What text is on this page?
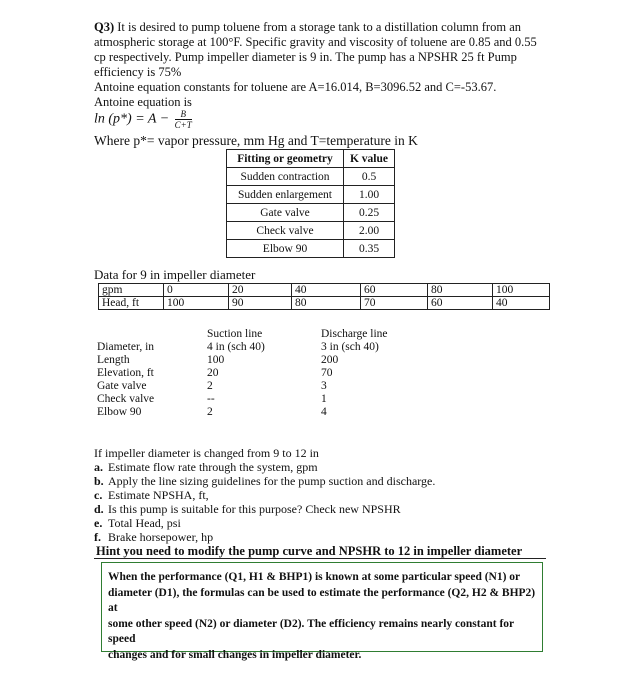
Q3) It is desired to pump toluene from a storage tank to a distillation column from an
atmospheric storage at 100°F. Specific gravity and viscosity of toluene are 0.85 and 0.55
cp respectively. Pump impeller diameter is 9 in. The pump has a NPSHR 25 ft Pump
efficiency is 75%
Antoine equation constants for toluene are A=16.014, B=3096.52 and C=-53.67.
Antoine equation is
$\ln (p*) = A - \frac{B}{C+T}$
Where p*= vapor pressure, mm Hg and T=temperature in K
Fitting or geometry	K value
Sudden contraction	0.5
Sudden enlargement	1.00
Gate valve	0.25
Check valve	2.00
Elbow 90	0.35
Data for 9 in impeller diameter
gpm	0	20	40	60	80	100
Head, ft	100	90	80	70	60	40
	Suction line	Discharge line
Diameter, in	4 in (sch 40)	3 in (sch 40)
Length	100	200
Elevation, ft	20	70
Gate valve	2	3
Check valve	--	1
Elbow 90	2	4
If impeller diameter is changed from 9 to 12 in
a. Estimate flow rate through the system, gpm
b. Apply the line sizing guidelines for the pump suction and discharge.
c. Estimate NPSHA, ft,
d. Is this pump is suitable for this purpose? Check new NPSHR
e. Total Head, psi
f. Brake horsepower, hp
Hint you need to modify the pump curve and NPSHR to 12 in impeller diameter
When the performance (Q1, H1 & BHP1) is known at some particular speed (N1) or
diameter (D1), the formulas can be used to estimate the performance (Q2, H2 & BHP2) at
some other speed (N2) or diameter (D2). The efficiency remains nearly constant for speed
changes and for small changes in impeller diameter.
